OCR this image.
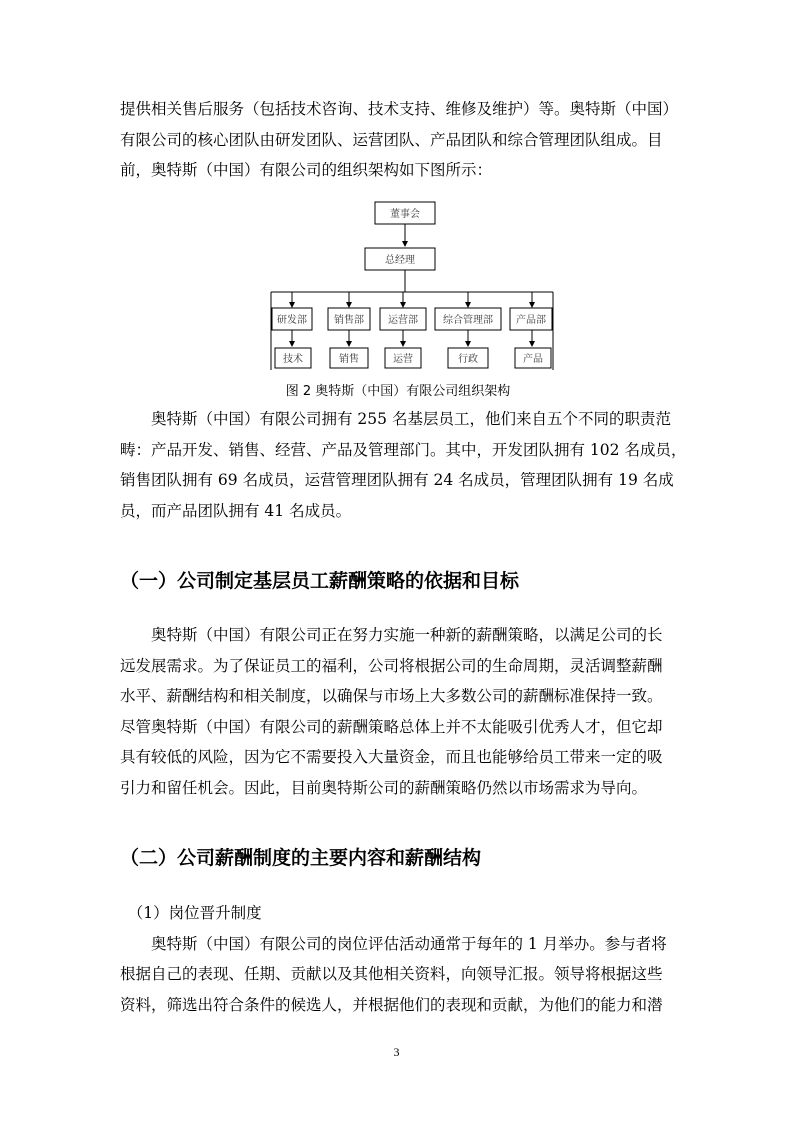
提供相关售后服务（包括技术咨询、技术支持、维修及维护）等。奥特斯（中国）
有限公司的核心团队由研发团队、运营团队、产品团队和综合管理团队组成。目
前，奥特斯（中国）有限公司的组织架构如下图所示：
董事会
总经理
研发部	销售部 运营部	综合管理部 产品部
技术	销售	运营	行政	产品
图 2 奥特斯（中国）有限公司组织架构
　　奥特斯（中国）有限公司拥有 255 名基层员工，他们来自五个不同的职责范
畴：产品开发、销售、经营、产品及管理部门。其中，开发团队拥有 102 名成员，
销售团队拥有 69 名成员，运营管理团队拥有 24 名成员，管理团队拥有 19 名成
员，而产品团队拥有 41 名成员。
（一）公司制定基层员工薪酬策略的依据和目标
　　奥特斯（中国）有限公司正在努力实施一种新的薪酬策略，以满足公司的长
远发展需求。为了保证员工的福利，公司将根据公司的生命周期，灵活调整薪酬
水平、薪酬结构和相关制度，以确保与市场上大多数公司的薪酬标准保持一致。
尽管奥特斯（中国）有限公司的薪酬策略总体上并不太能吸引优秀人才，但它却
具有较低的风险，因为它不需要投入大量资金，而且也能够给员工带来一定的吸
引力和留任机会。因此，目前奥特斯公司的薪酬策略仍然以市场需求为导向。
（二）公司薪酬制度的主要内容和薪酬结构
　（1）岗位晋升制度
　　奥特斯（中国）有限公司的岗位评估活动通常于每年的 1 月举办。参与者将
根据自己的表现、任期、贡献以及其他相关资料，向领导汇报。领导将根据这些
资料，筛选出符合条件的候选人，并根据他们的表现和贡献，为他们的能力和潜
3
